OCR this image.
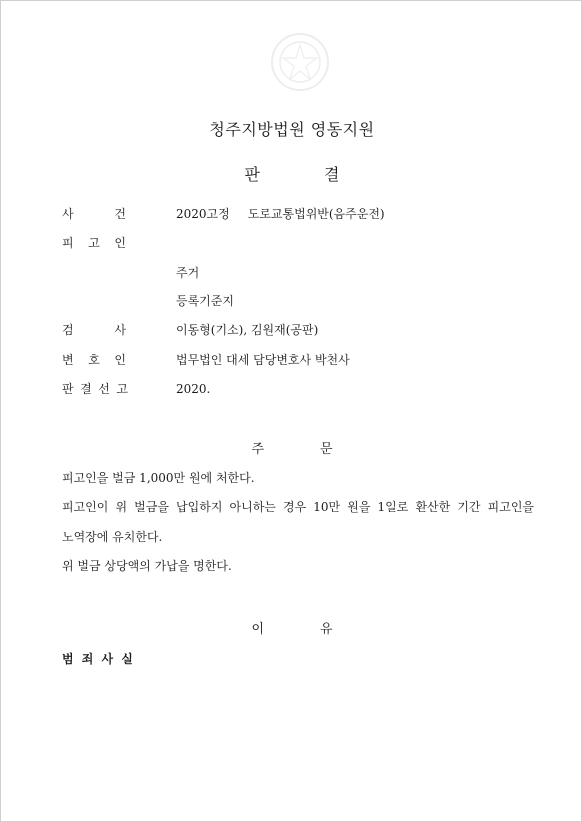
청주지방법원 영동지원
판	결
사	건	2020고정 도로교통법위반(음주운전)
피 고 인
주거
등록기준지
검	사	이동형(기소), 김원재(공판)
변 호 인	법무법인 대세 담당변호사 박천사
판 결 선 고	2020.
주	문
피고인을 벌금 1,000만 원에 처한다.
피고인이 위 벌금을 납입하지 아니하는 경우 10만 원을 1일로 환산한 기간 피고인을
노역장에 유치한다.
위 벌금 상당액의 가납을 명한다.
이	유
범 죄 사 실
